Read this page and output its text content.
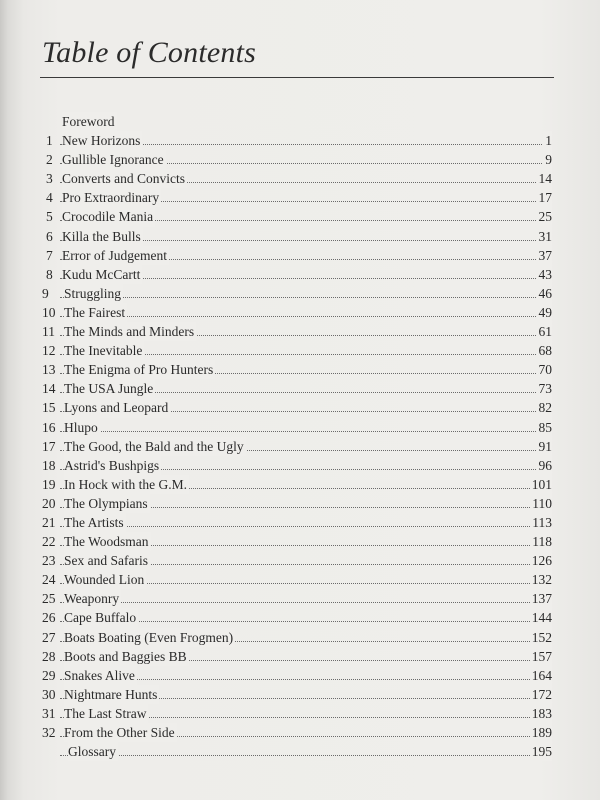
Table of Contents
Foreword
1 New Horizons	1
2 Gullible Ignorance	9
3 Converts and Convicts	14
4 Pro Extraordinary	17
5 Crocodile Mania	25
6 Killa the Bulls	31
7 Error of Judgement	37
8 Kudu McCartt	43
9	Struggling	46
10 The Fairest	49
11 The Minds and Minders	61
12 The Inevitable	68
13 The Enigma of Pro Hunters	70
14 The USA Jungle	73
15 Lyons and Leopard	82
16 Hlupo	85
17 The Good, the Bald and the Ugly	91
18 Astrid's Bushpigs	96
19 In Hock with the G.M.	101
20 The Olympians	110
21 The Artists	113
22 The Woodsman	118
23 Sex and Safaris	126
24 Wounded Lion	132
25 Weaponry	137
26 Cape Buffalo	144
27 Boats Boating (Even Frogmen)	152
28 Boots and Baggies BB	157
29 Snakes Alive	164
30 Nightmare Hunts	172
31 The Last Straw	183
32 From the Other Side	189
Glossary	195
